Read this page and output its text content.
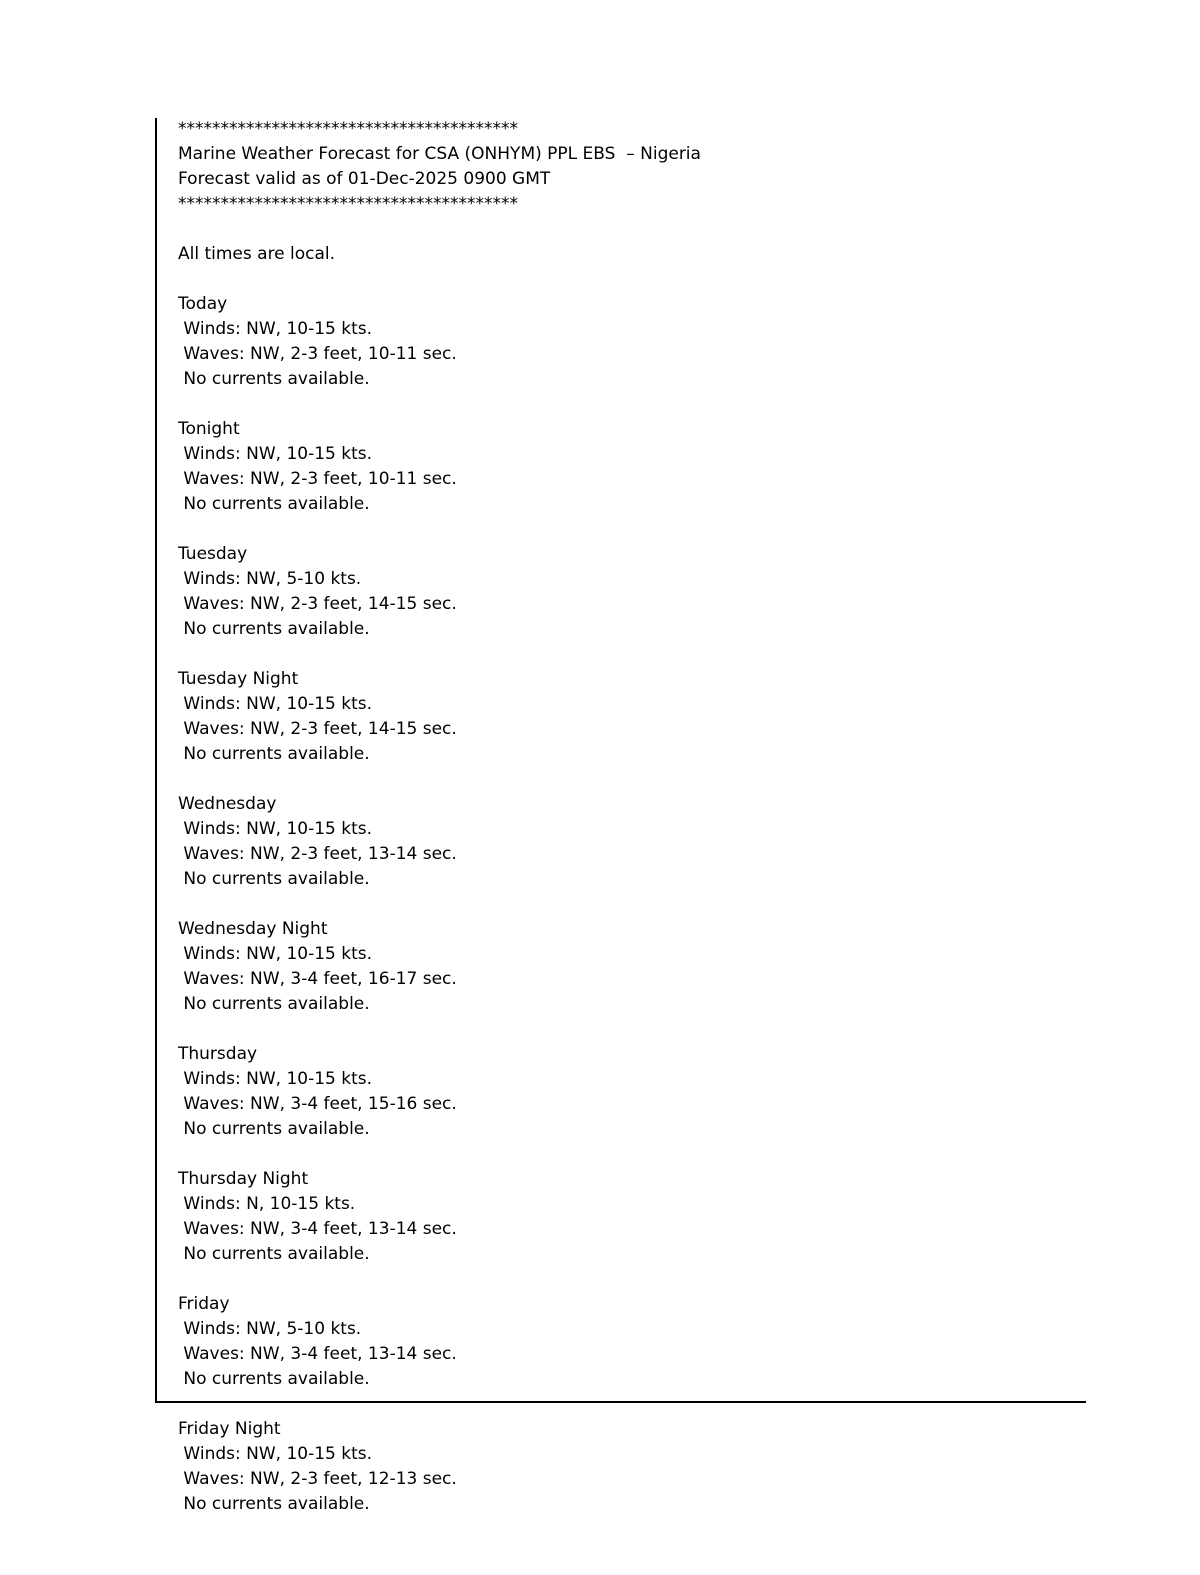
****************************************
Marine Weather Forecast for CSA (ONHYM) PPL EBS  – Nigeria
Forecast valid as of 01-Dec-2025 0900 GMT
****************************************
All times are local.
Today
Winds: NW, 10-15 kts.
Waves: NW, 2-3 feet, 10-11 sec.
No currents available.
Tonight
Winds: NW, 10-15 kts.
Waves: NW, 2-3 feet, 10-11 sec.
No currents available.
Tuesday
Winds: NW, 5-10 kts.
Waves: NW, 2-3 feet, 14-15 sec.
No currents available.
Tuesday Night
Winds: NW, 10-15 kts.
Waves: NW, 2-3 feet, 14-15 sec.
No currents available.
Wednesday
Winds: NW, 10-15 kts.
Waves: NW, 2-3 feet, 13-14 sec.
No currents available.
Wednesday Night
Winds: NW, 10-15 kts.
Waves: NW, 3-4 feet, 16-17 sec.
No currents available.
Thursday
Winds: NW, 10-15 kts.
Waves: NW, 3-4 feet, 15-16 sec.
No currents available.
Thursday Night
Winds: N, 10-15 kts.
Waves: NW, 3-4 feet, 13-14 sec.
No currents available.
Friday
Winds: NW, 5-10 kts.
Waves: NW, 3-4 feet, 13-14 sec.
No currents available.
Friday Night
Winds: NW, 10-15 kts.
Waves: NW, 2-3 feet, 12-13 sec.
No currents available.
